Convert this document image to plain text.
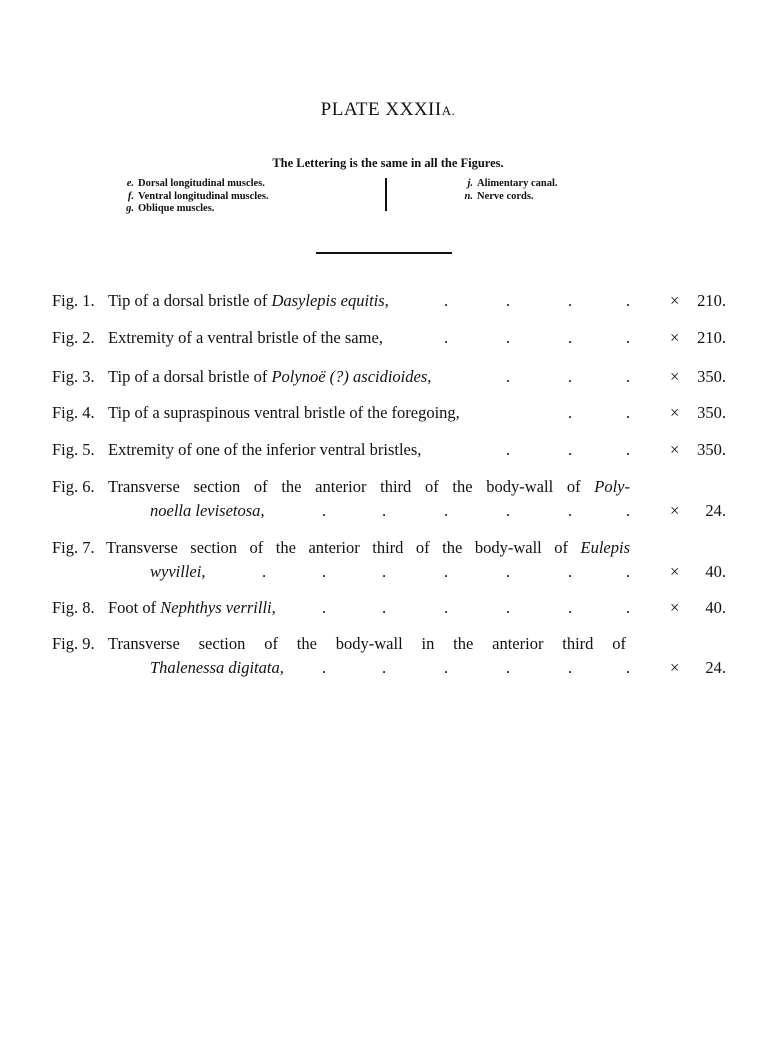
PLATE XXXIIA.
The Lettering is the same in all the Figures.
e. Dorsal longitudinal muscles.
f. Ventral longitudinal muscles.
g. Oblique muscles.
j. Alimentary canal.
n. Nerve cords.
Fig. 1. Tip of a dorsal bristle of Dasylepis equitis,	.	.	.	. × 210.
Fig. 2. Extremity of a ventral bristle of the same,	.	.	.	. × 210.
Fig. 3. Tip of a dorsal bristle of Polynoë (?) ascidioides,	.	.	. × 350.
Fig. 4. Tip of a supraspinous ventral bristle of the foregoing,	.	. × 350.
Fig. 5. Extremity of one of the inferior ventral bristles,	.	.	. × 350.
Fig. 6. Transverse section of the anterior third of the body-wall of Poly-
noella levisetosa,	.	.	.	.	.	. × 24.
Fig. 7. Transverse section of the anterior third of the body-wall of Eulepis
wyvillei,	.	.	.	.	.	.	. × 40.
Fig. 8. Foot of Nephthys verrilli,	.	.	.	.	.	. × 40.
Fig. 9. Transverse section of the body-wall in the anterior third of
Thalenessa digitata, .	.	.	.	.	. × 24.
